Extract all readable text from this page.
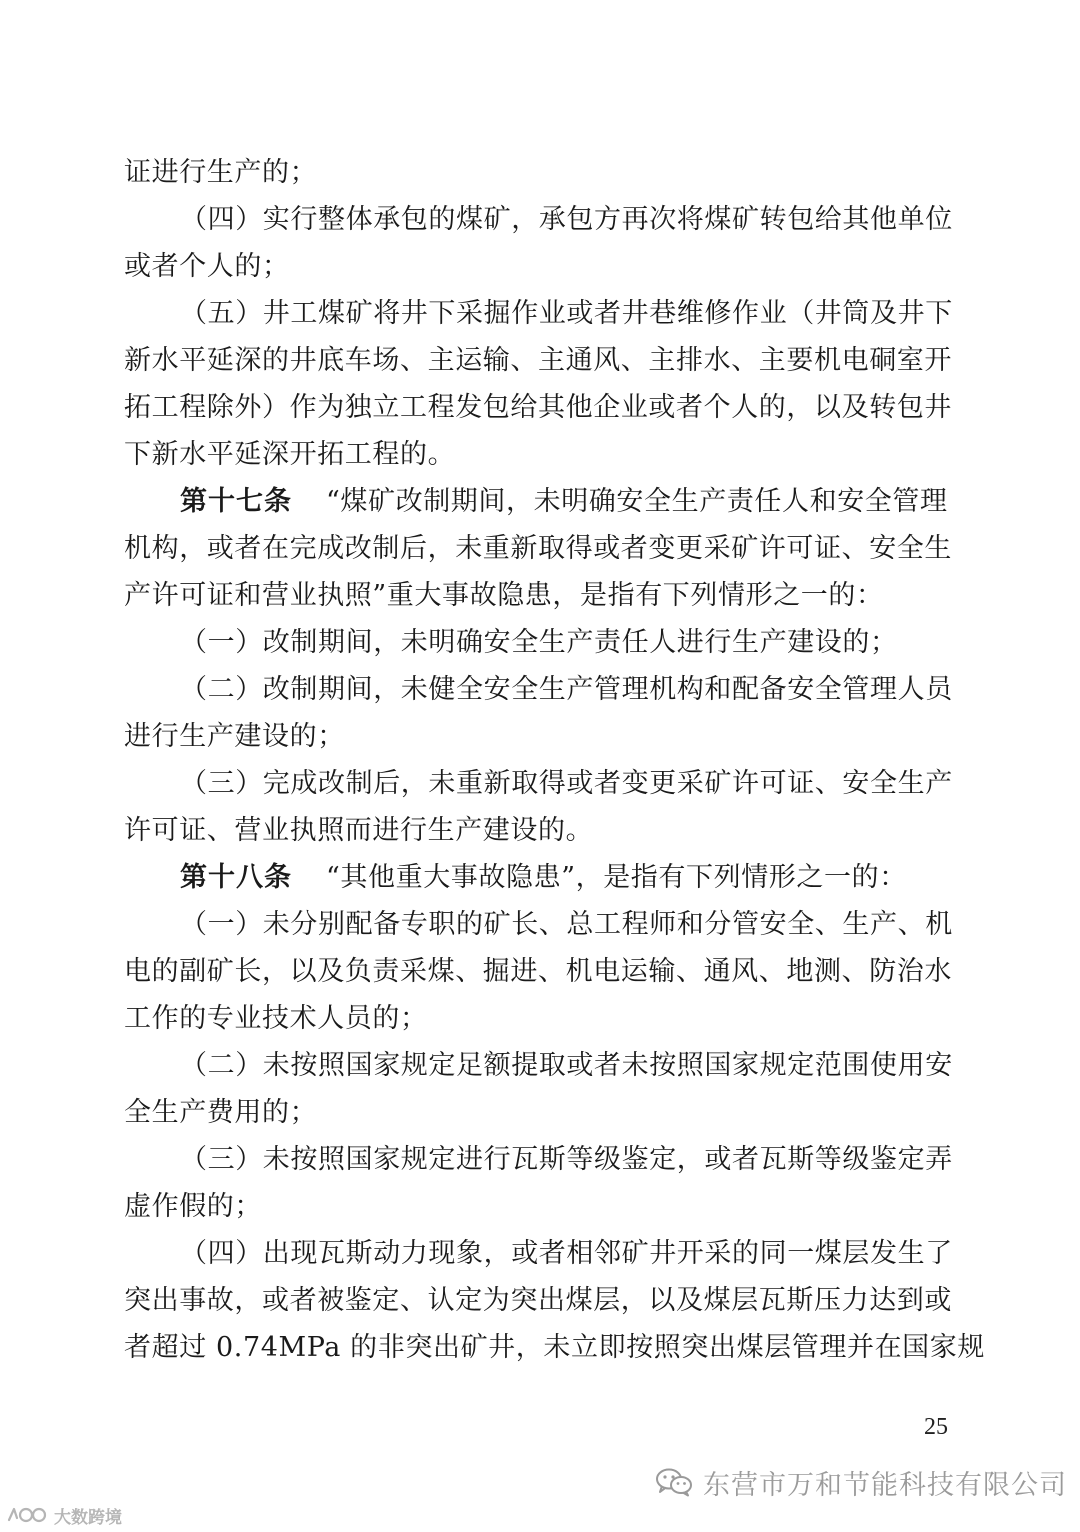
证进行生产的；
（四）实行整体承包的煤矿，承包方再次将煤矿转包给其他单位
或者个人的；
（五）井工煤矿将井下采掘作业或者井巷维修作业（井筒及井下
新水平延深的井底车场、主运输、主通风、主排水、主要机电硐室开
拓工程除外）作为独立工程发包给其他企业或者个人的，以及转包井
下新水平延深开拓工程的。
第十七条 “煤矿改制期间，未明确安全生产责任人和安全管理
机构，或者在完成改制后，未重新取得或者变更采矿许可证、安全生
产许可证和营业执照”重大事故隐患，是指有下列情形之一的：
（一）改制期间，未明确安全生产责任人进行生产建设的；
（二）改制期间，未健全安全生产管理机构和配备安全管理人员
进行生产建设的；
（三）完成改制后，未重新取得或者变更采矿许可证、安全生产
许可证、营业执照而进行生产建设的。
第十八条 “其他重大事故隐患”，是指有下列情形之一的：
（一）未分别配备专职的矿长、总工程师和分管安全、生产、机
电的副矿长，以及负责采煤、掘进、机电运输、通风、地测、防治水
工作的专业技术人员的；
（二）未按照国家规定足额提取或者未按照国家规定范围使用安
全生产费用的；
（三）未按照国家规定进行瓦斯等级鉴定，或者瓦斯等级鉴定弄
虚作假的；
（四）出现瓦斯动力现象，或者相邻矿井开采的同一煤层发生了
突出事故，或者被鉴定、认定为突出煤层，以及煤层瓦斯压力达到或
者超过 0.74MPa 的非突出矿井，未立即按照突出煤层管理并在国家规
25
东营市万和节能科技有限公司
大数跨境
